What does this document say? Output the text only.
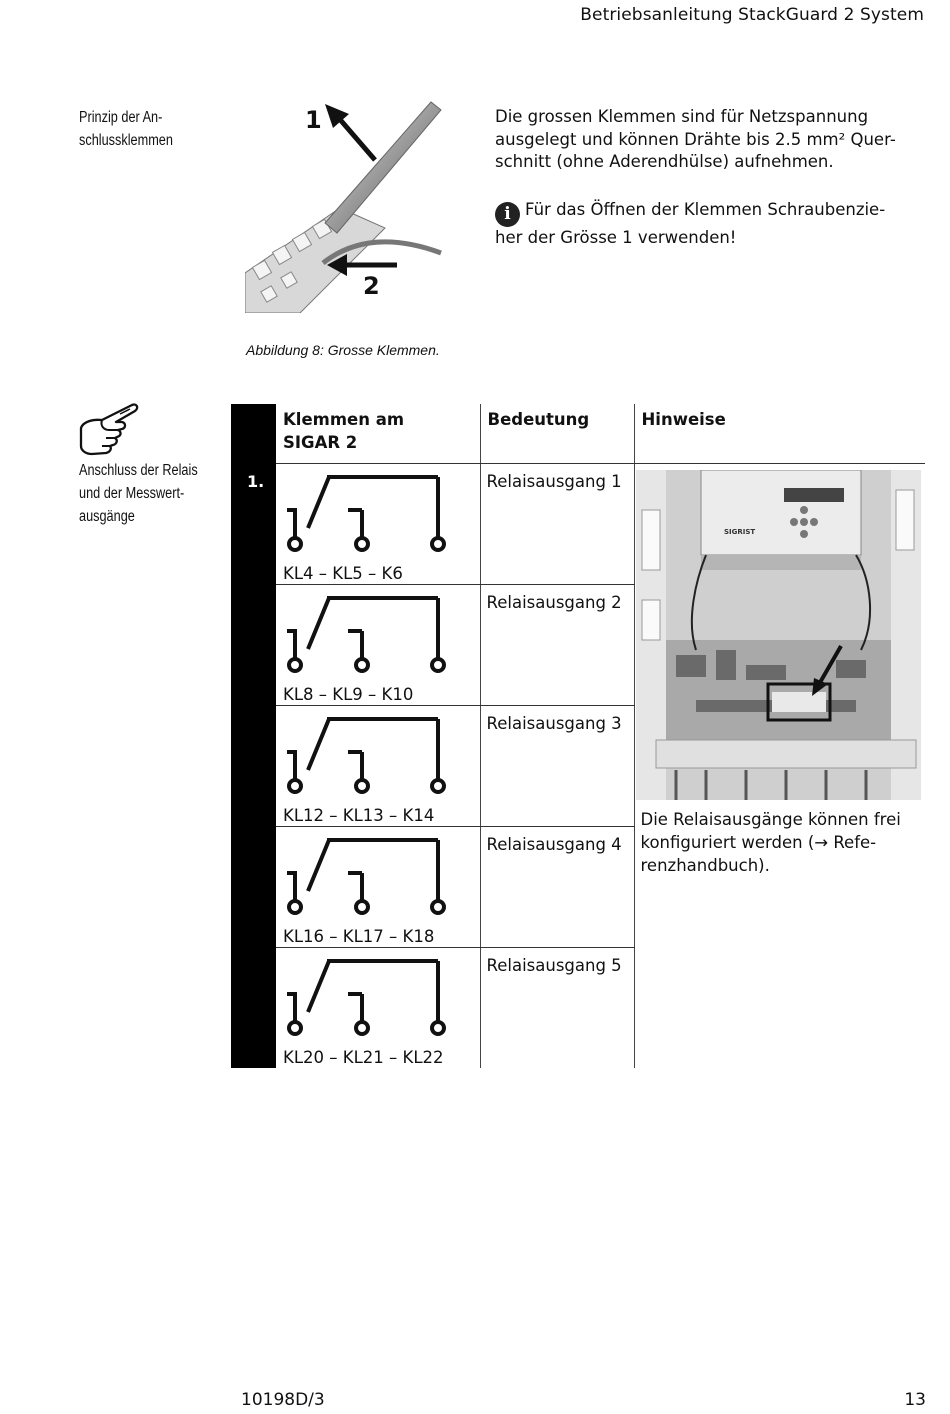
Betriebsanleitung StackGuard 2 System
Prinzip der An-
schlussklemmen
1
2
Die grossen Klemmen sind für Netzspannung
ausgelegt und können Drähte bis 2.5 mm² Quer-
schnitt (ohne Aderendhülse) aufnehmen.
i Für das Öffnen der Klemmen Schraubenzie-
her der Grösse 1 verwenden!
Abbildung 8: Grosse Klemmen.
Anschluss der Relais
und der Messwert-
ausgänge

	Klemmen am
SIGAR 2	Bedeutung	Hinweise
1.	KL4 – KL5 – K6	Relaisausgang 1	SIGRIST
Die Relaisausgänge können frei
konfiguriert werden (→ Refe-
renzhandbuch).

	KL8 – KL9 – K10	Relaisausgang 2	

	KL12 – KL13 – K14	Relaisausgang 3	

	KL16 – KL17 – K18	Relaisausgang 4	

	KL20 – KL21 – KL22	Relaisausgang 5	
10198D/3	13
